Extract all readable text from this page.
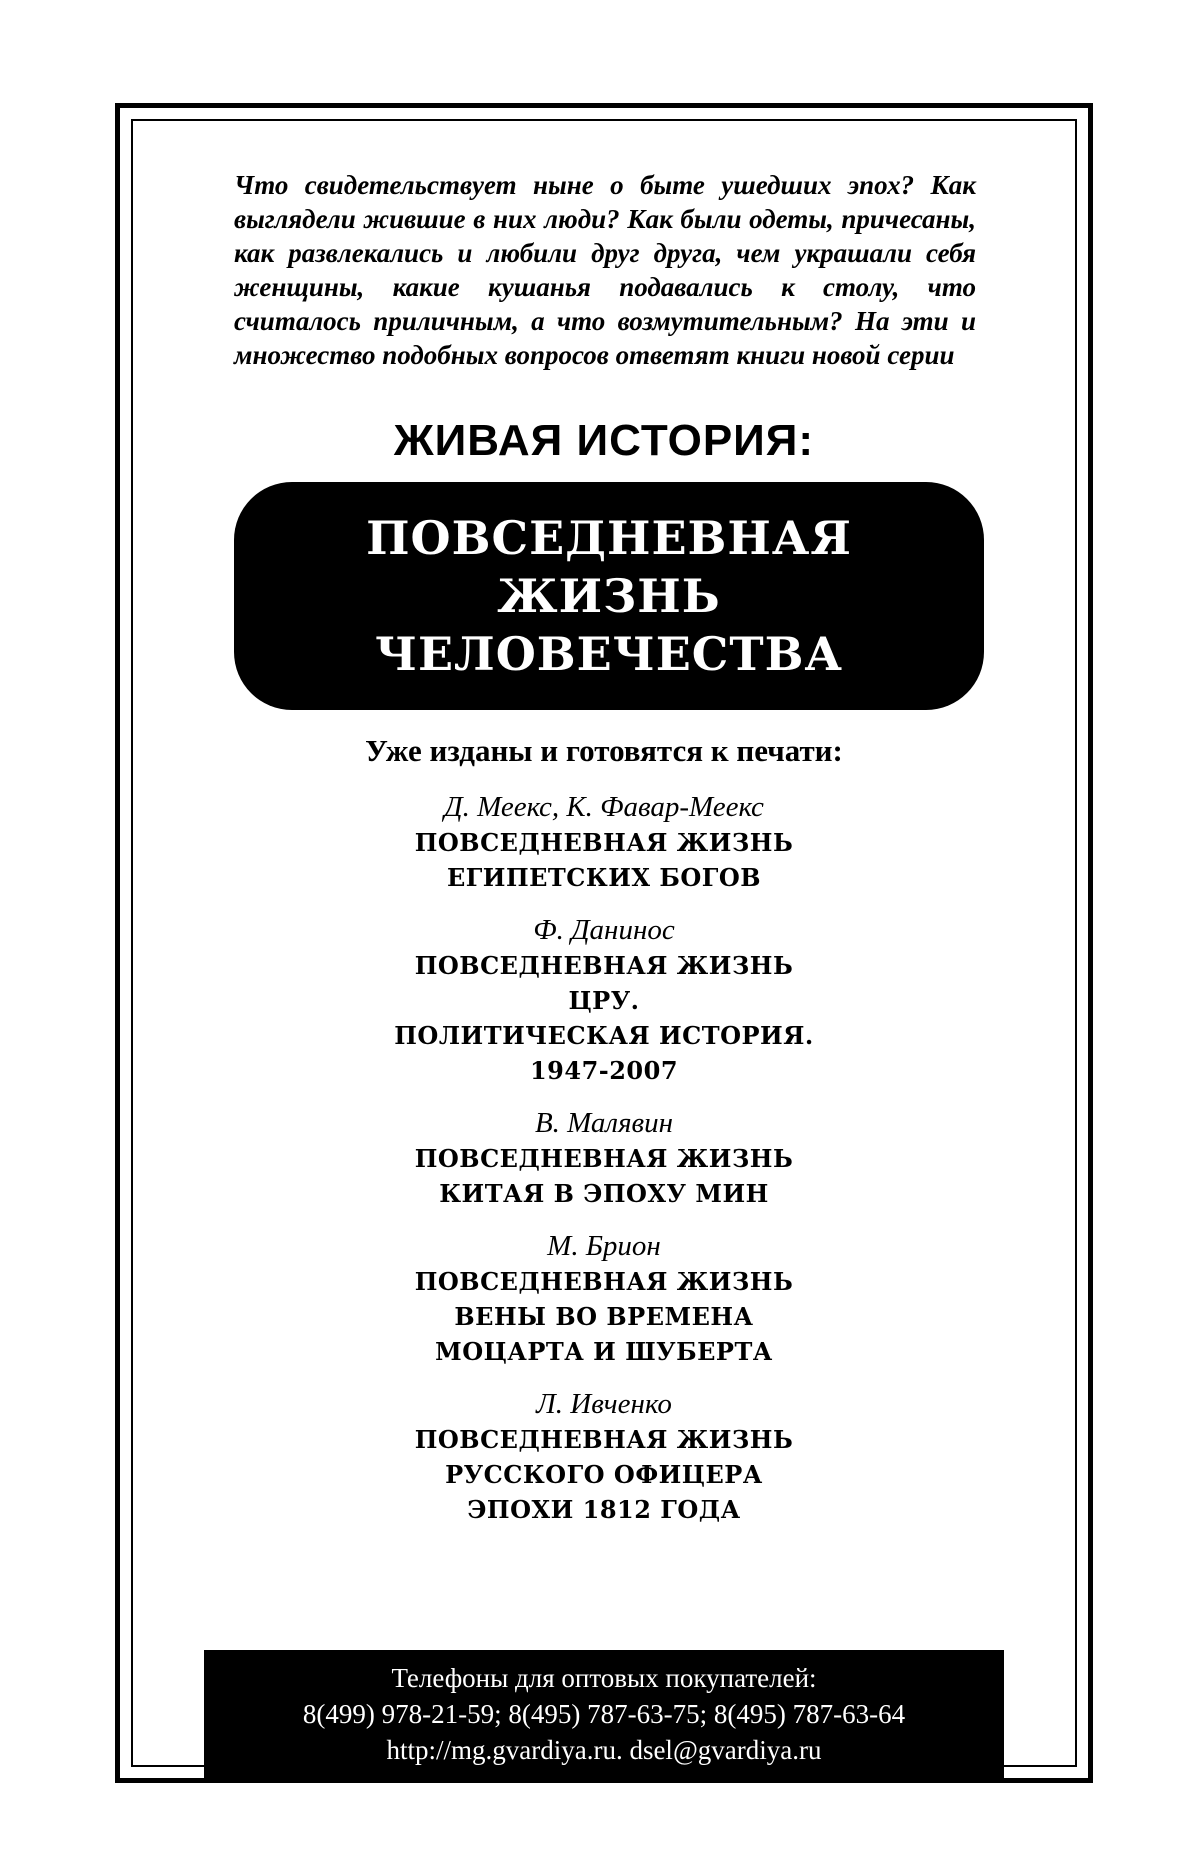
Что свидетельствует ныне о быте ушедших эпох? Как выглядели жившие в них люди? Как были одеты, причесаны, как развлекались и любили друг друга, чем украшали себя женщины, какие кушанья подавались к столу, что считалось приличным, а что возмутительным? На эти и множество подобных вопросов ответят книги новой серии
ЖИВАЯ ИСТОРИЯ:
ПОВСЕДНЕВНАЯ
ЖИЗНЬ
ЧЕЛОВЕЧЕСТВА
Уже изданы и готовятся к печати:
Д. Меекс, К. Фавар-Меекс
ПОВСЕДНЕВНАЯ ЖИЗНЬ
ЕГИПЕТСКИХ БОГОВ
Ф. Данинос
ПОВСЕДНЕВНАЯ ЖИЗНЬ
ЦРУ.
ПОЛИТИЧЕСКАЯ ИСТОРИЯ.
1947-2007
В. Малявин
ПОВСЕДНЕВНАЯ ЖИЗНЬ
КИТАЯ В ЭПОХУ МИН
М. Брион
ПОВСЕДНЕВНАЯ ЖИЗНЬ
ВЕНЫ ВО ВРЕМЕНА
МОЦАРТА И ШУБЕРТА
Л. Ивченко
ПОВСЕДНЕВНАЯ ЖИЗНЬ
РУССКОГО ОФИЦЕРА
ЭПОХИ 1812 ГОДА
Телефоны для оптовых покупателей:
8(499) 978-21-59; 8(495) 787-63-75; 8(495) 787-63-64
http://mg.gvardiya.ru. dsel@gvardiya.ru
